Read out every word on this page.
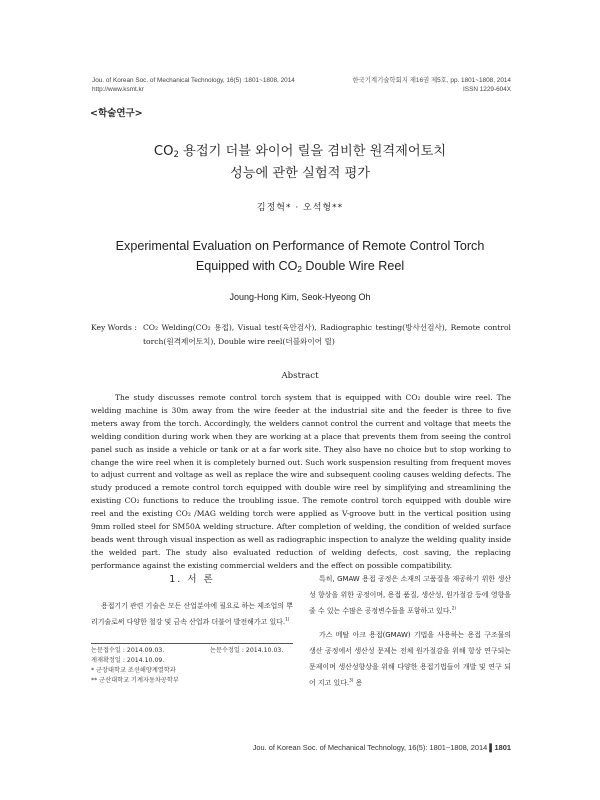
Jou. of Korean Soc. of Mechanical Technology, 16(5) :1801~1808, 2014
http://www.ksmt.kr
한국기계기술학회지 제16권 제5호, pp. 1801~1808, 2014
ISSN 1229-604X
<학술연구>
$CO_2$ 용접기 더블 와이어 릴을 겸비한 원격제어토치
성능에 관한 실험적 평가
김정혁* · 오석형**
Experimental Evaluation on Performance of Remote Control Torch
Equipped with $CO_2$ Double Wire Reel
Joung-Hong Kim, Seok-Hyeong Oh
Key Words : CO₂ Welding(CO₂ 용접), Visual test(육안검사), Radiographic testing(방사선검사), Remote control torch(원격제어토치), Double wire reel(더블와이어 릴)
Abstract
The study discusses remote control torch system that is equipped with CO₂ double wire reel. The welding machine is 30m away from the wire feeder at the industrial site and the feeder is three to five meters away from the torch. Accordingly, the welders cannot control the current and voltage that meets the welding condition during work when they are working at a place that prevents them from seeing the control panel such as inside a vehicle or tank or at a far work site. They also have no choice but to stop working to change the wire reel when it is completely burned out. Such work suspension resulting from frequent moves to adjust current and voltage as well as replace the wire and subsequent cooling causes welding defects. The study produced a remote control torch equipped with double wire reel by simplifying and streamlining the existing CO₂ functions to reduce the troubling issue. The remote control torch equipped with double wire reel and the existing CO₂ /MAG welding torch were applied as V-groove butt in the vertical position using 9mm rolled steel for SM50A welding structure. After completion of welding, the condition of welded surface beads went through visual inspection as well as radiographic inspection to analyze the welding quality inside the welded part. The study also evaluated reduction of welding defects, cost saving, the replacing performance against the existing commercial welders and the effect on possible compatibility.
1. 서 론
용접기기 관련 기술은 모든 산업분야에 필요로 하는 제조업의 뿌리기술로써 다양한 철강 및 금속 산업과 더불어 발전해가고 있다.$^{1)}$
논문접수일 : 2014.09.03.	논문수정일 : 2014.10.03.
게재확정일 : 2014.10.09.
* 군장대학교 조선해양계열학과
** 군산대학교 기계자동차공학부
특히, GMAW 용접 공정은 소재의 고품질을 재공하기 위한 생산성 향상을 위한 공정이며, 용접 품질, 생산성, 원가절감 등에 영향을 줄 수 있는 수많은 공정변수들을 포함하고 있다.$^{2)}$
가스 메탈 아크 용접(GMAW) 기법을 사용하는 용접 구조물의 생산 공정에서 생산성 문제는 전체 원가절감을 위해 항상 연구되는 문제이며 생산성향상을 위해 다양한 용접기법들이 개발 및 연구 되어 지고 있다.$^{3)}$ 용
Jou. of Korean Soc. of Mechanical Technology, 16(5): 1801~1808, 2014 ▌1801
